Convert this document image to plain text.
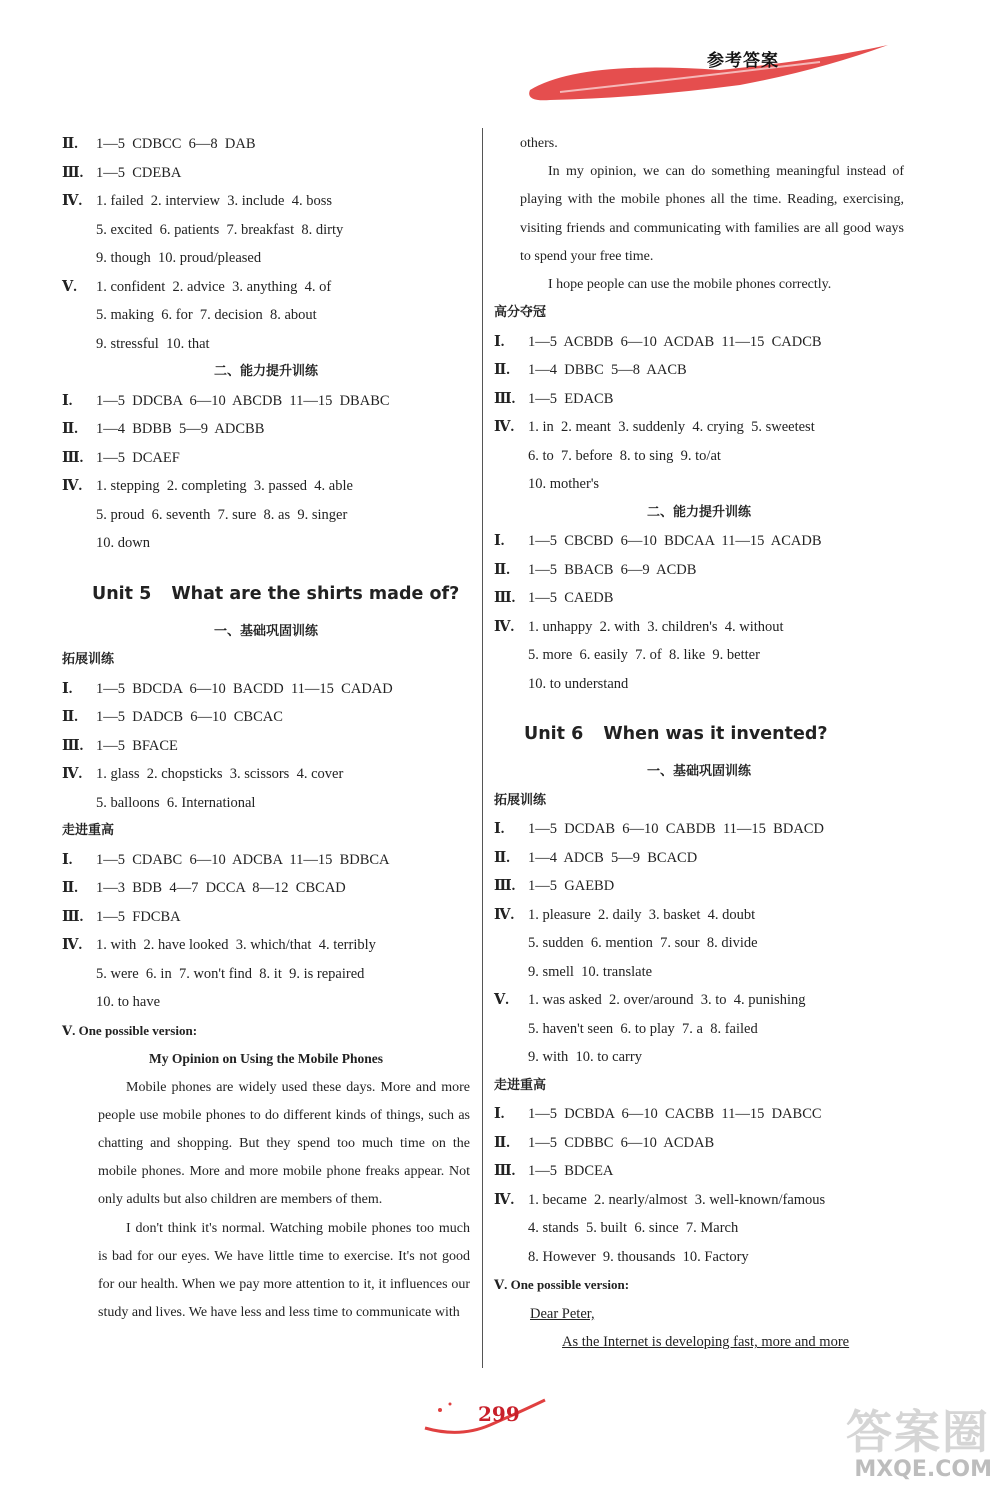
参考答案
Ⅱ. 1—5  CDBCC  6—8  DAB
Ⅲ. 1—5  CDEBA
Ⅳ. 1. failed  2. interview  3. include  4. boss
5. excited  6. patients  7. breakfast  8. dirty
9. though  10. proud/pleased
Ⅴ. 1. confident  2. advice  3. anything  4. of
5. making  6. for  7. decision  8. about
9. stressful  10. that
二、能力提升训练
Ⅰ. 1—5  DDCBA  6—10  ABCDB  11—15  DBABC
Ⅱ. 1—4  BDBB  5—9  ADCBB
Ⅲ. 1—5  DCAEF
Ⅳ. 1. stepping  2. completing  3. passed  4. able
5. proud  6. seventh  7. sure  8. as  9. singer
10. down
Unit 5 What are the shirts made of?
一、基础巩固训练
拓展训练
Ⅰ. 1—5  BDCDA  6—10  BACDD  11—15  CADAD
Ⅱ. 1—5  DADCB  6—10  CBCAC
Ⅲ. 1—5  BFACE
Ⅳ. 1. glass  2. chopsticks  3. scissors  4. cover
5. balloons  6. International
走进重高
Ⅰ. 1—5  CDABC  6—10  ADCBA  11—15  BDBCA
Ⅱ. 1—3  BDB  4—7  DCCA  8—12  CBCAD
Ⅲ. 1—5  FDCBA
Ⅳ. 1. with  2. have looked  3. which/that  4. terribly
5. were  6. in  7. won't find  8. it  9. is repaired
10. to have
Ⅴ. One possible version:
My Opinion on Using the Mobile Phones
Mobile phones are widely used these days. More and more people use mobile phones to do different kinds of things, such as chatting and shopping. But they spend too much time on the mobile phones. More and more mobile phone freaks appear. Not only adults but also children are members of them.
I don't think it's normal. Watching mobile phones too much is bad for our eyes. We have little time to exercise. It's not good for our health. When we pay more attention to it, it influences our study and lives. We have less and less time to communicate with
others.
In my opinion, we can do something meaningful instead of playing with the mobile phones all the time. Reading, exercising, visiting friends and communicating with families are all good ways to spend your free time.
I hope people can use the mobile phones correctly.
高分夺冠
Ⅰ. 1—5  ACBDB  6—10  ACDAB  11—15  CADCB
Ⅱ. 1—4  DBBC  5—8  AACB
Ⅲ. 1—5  EDACB
Ⅳ. 1. in  2. meant  3. suddenly  4. crying  5. sweetest
6. to  7. before  8. to sing  9. to/at
10. mother's
二、能力提升训练
Ⅰ. 1—5  CBCBD  6—10  BDCAA  11—15  ACADB
Ⅱ. 1—5  BBACB  6—9  ACDB
Ⅲ. 1—5  CAEDB
Ⅳ. 1. unhappy  2. with  3. children's  4. without
5. more  6. easily  7. of  8. like  9. better
10. to understand
Unit 6 When was it invented?
一、基础巩固训练
拓展训练
Ⅰ. 1—5  DCDAB  6—10  CABDB  11—15  BDACD
Ⅱ. 1—4  ADCB  5—9  BCACD
Ⅲ. 1—5  GAEBD
Ⅳ. 1. pleasure  2. daily  3. basket  4. doubt
5. sudden  6. mention  7. sour  8. divide
9. smell  10. translate
Ⅴ. 1. was asked  2. over/around  3. to  4. punishing
5. haven't seen  6. to play  7. a  8. failed
9. with  10. to carry
走进重高
Ⅰ. 1—5  DCBDA  6—10  CACBB  11—15  DABCC
Ⅱ. 1—5  CDBBC  6—10  ACDAB
Ⅲ. 1—5  BDCEA
Ⅳ. 1. became  2. nearly/almost  3. well-known/famous
4. stands  5. built  6. since  7. March
8. However  9. thousands  10. Factory
Ⅴ. One possible version:
Dear Peter,
As the Internet is developing fast, more and more
299	答案圈
MXQE.COM
